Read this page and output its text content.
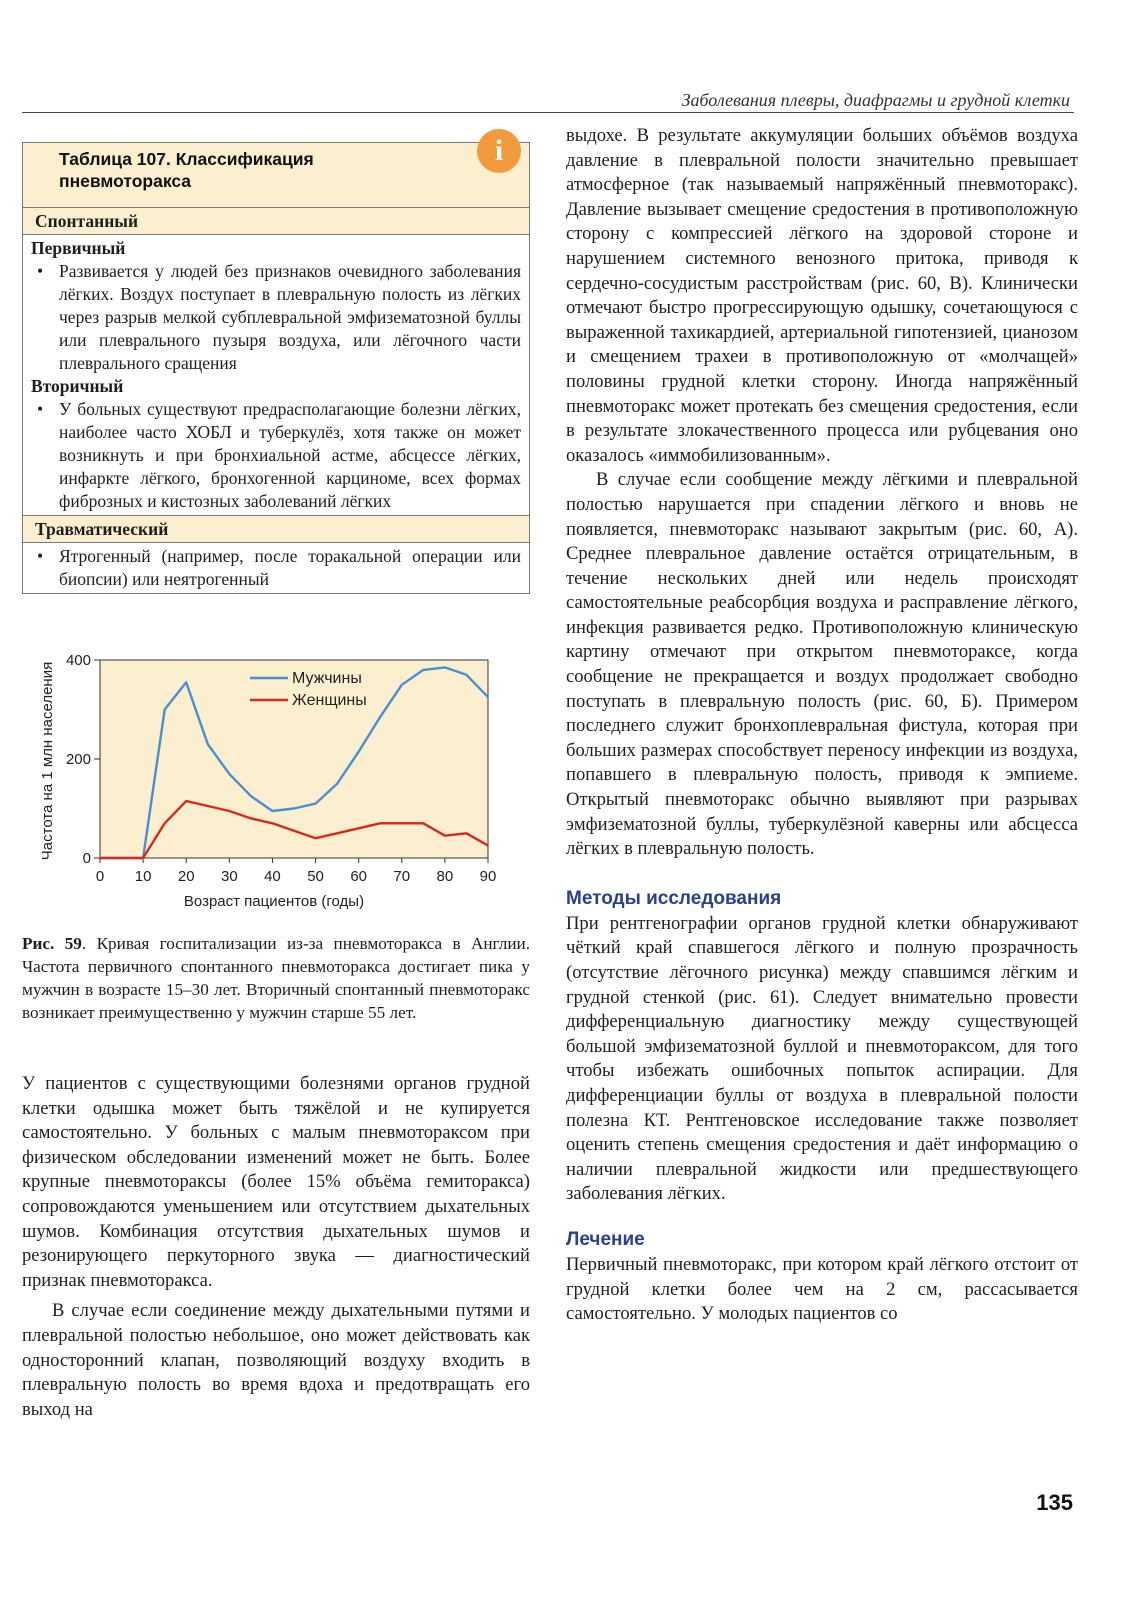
Заболевания плевры, диафрагмы и грудной клетки
Таблица 107. Классификация пневмоторакса
i
Спонтанный
Первичный
• Развивается у людей без признаков очевидного заболевания лёгких. Воздух поступает в плевральную полость из лёгких через разрыв мелкой субплевральной эмфизематозной буллы или плеврального пузыря воздуха, или лёгочного части плеврального сращения
Вторичный
• У больных существуют предрасполагающие болезни лёгких, наиболее часто ХОБЛ и туберкулёз, хотя также он может возникнуть и при бронхиальной астме, абсцессе лёгких, инфаркте лёгкого, бронхогенной карциноме, всех формах фиброзных и кистозных заболеваний лёгких
Травматический
• Ятрогенный (например, после торакальной операции или биопсии) или неятрогенный
0 10 20 30 40 50 60 70 80 90
0
200
400
Мужчины
Женщины
Частота на 1 млн населения
Возраст пациентов (годы)
Рис. 59. Кривая госпитализации из-за пневмоторакса в Англии. Частота первичного спонтанного пневмоторакса достигает пика у мужчин в возрасте 15–30 лет. Вторичный спонтанный пневмоторакс возникает преимущественно у мужчин старше 55 лет.

У пациентов с существующими болезнями органов грудной клетки одышка может быть тяжёлой и не купируется самостоятельно. У больных с малым пневмотораксом при физическом обследовании изменений может не быть. Более крупные пневмотораксы (более 15% объёма гемиторакса) сопровождаются уменьшением или отсутствием дыхательных шумов. Комбинация отсутствия дыхательных шумов и резонирующего перкуторного звука — диагностический признак пневмоторакса.

В случае если соединение между дыхательными путями и плевральной полостью небольшое, оно может действовать как односторонний клапан, позволяющий воздуху входить в плевральную полость во время вдоха и предотвращать его выход на

выдохе. В результате аккумуляции больших объёмов воздуха давление в плевральной полости значительно превышает атмосферное (так называемый напряжённый пневмоторакс). Давление вызывает смещение средостения в противоположную сторону с компрессией лёгкого на здоровой стороне и нарушением системного венозного притока, приводя к сердечно-сосудистым расстройствам (рис. 60, В). Клинически отмечают быстро прогрессирующую одышку, сочетающуюся с выраженной тахикардией, артериальной гипотензией, цианозом и смещением трахеи в противоположную от «молчащей» половины грудной клетки сторону. Иногда напряжённый пневмоторакс может протекать без смещения средостения, если в результате злокачественного процесса или рубцевания оно оказалось «иммобилизованным».

В случае если сообщение между лёгкими и плевральной полостью нарушается при спадении лёгкого и вновь не появляется, пневмоторакс называют закрытым (рис. 60, А). Среднее плевральное давление остаётся отрицательным, в течение нескольких дней или недель происходят самостоятельные реабсорбция воздуха и расправление лёгкого, инфекция развивается редко. Противоположную клиническую картину отмечают при открытом пневмотораксе, когда сообщение не прекращается и воздух продолжает свободно поступать в плевральную полость (рис. 60, Б). Примером последнего служит бронхоплевральная фистула, которая при больших размерах способствует переносу инфекции из воздуха, попавшего в плевральную полость, приводя к эмпиеме. Открытый пневмоторакс обычно выявляют при разрывах эмфизематозной буллы, туберкулёзной каверны или абсцесса лёгких в плевральную полость.

Методы исследования

При рентгенографии органов грудной клетки обнаруживают чёткий край спавшегося лёгкого и полную прозрачность (отсутствие лёгочного рисунка) между спавшимся лёгким и грудной стенкой (рис. 61). Следует внимательно провести дифференциальную диагностику между существующей большой эмфизематозной буллой и пневмотораксом, для того чтобы избежать ошибочных попыток аспирации. Для дифференциации буллы от воздуха в плевральной полости полезна КТ. Рентгеновское исследование также позволяет оценить степень смещения средостения и даёт информацию о наличии плевральной жидкости или предшествующего заболевания лёгких.

Лечение

Первичный пневмоторакс, при котором край лёгкого отстоит от грудной клетки более чем на 2 см, рассасывается самостоятельно. У молодых пациентов со

135
